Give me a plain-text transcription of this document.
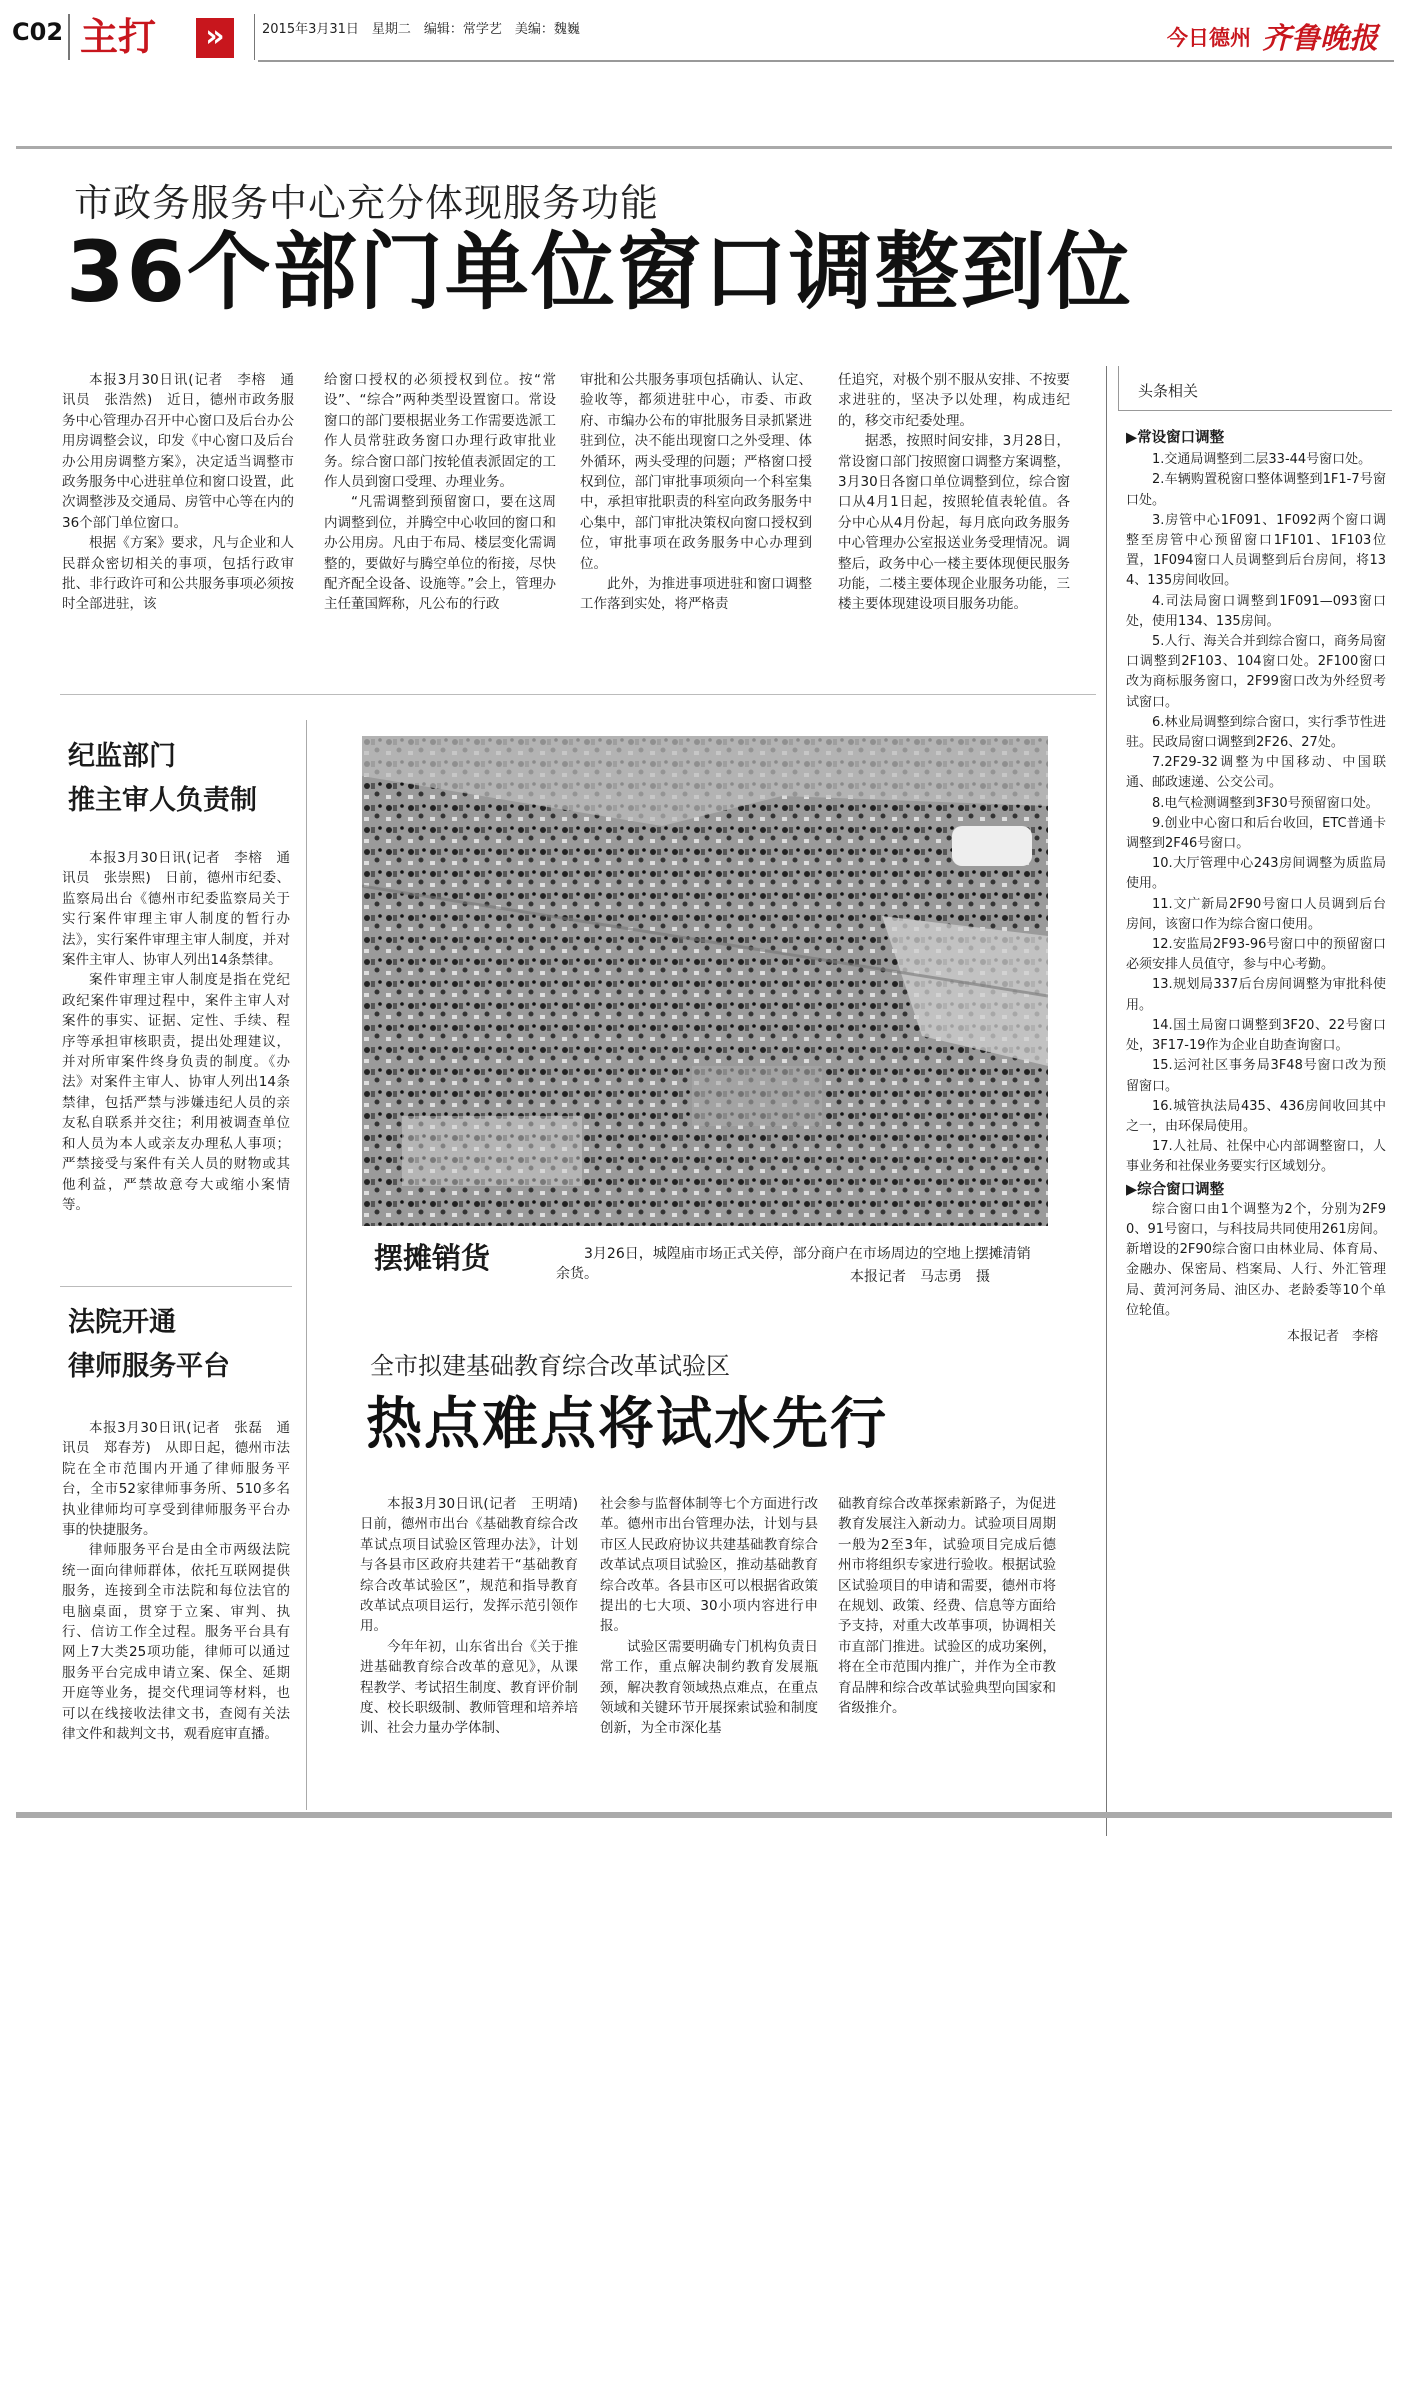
C02 主打	»	2015年3月31日　星期二　编辑：常学艺　美编：魏巍	今日德州 齐鲁晚报
市政务服务中心充分体现服务功能
36个部门单位窗口调整到位

本报3月30日讯(记者　李榕　通讯员　张浩然)　近日，德州市政务服务中心管理办召开中心窗口及后台办公用房调整会议，印发《中心窗口及后台办公用房调整方案》，决定适当调整市政务服务中心进驻单位和窗口设置，此次调整涉及交通局、房管中心等在内的36个部门单位窗口。

根据《方案》要求，凡与企业和人民群众密切相关的事项，包括行政审批、非行政许可和公共服务事项必须按时全部进驻，该

给窗口授权的必须授权到位。按“常设”、“综合”两种类型设置窗口。常设窗口的部门要根据业务工作需要选派工作人员常驻政务窗口办理行政审批业务。综合窗口部门按轮值表派固定的工作人员到窗口受理、办理业务。

“凡需调整到预留窗口，要在这周内调整到位，并腾空中心收回的窗口和办公用房。凡由于布局、楼层变化需调整的，要做好与腾空单位的衔接，尽快配齐配全设备、设施等。”会上，管理办主任董国辉称，凡公布的行政

审批和公共服务事项包括确认、认定、验收等，都须进驻中心，市委、市政府、市编办公布的审批服务目录抓紧进驻到位，决不能出现窗口之外受理、体外循环，两头受理的问题；严格窗口授权到位，部门审批事项须向一个科室集中，承担审批职责的科室向政务服务中心集中，部门审批决策权向窗口授权到位，审批事项在政务服务中心办理到位。

此外，为推进事项进驻和窗口调整工作落到实处，将严格责

任追究，对极个别不服从安排、不按要求进驻的，坚决予以处理，构成违纪的，移交市纪委处理。

据悉，按照时间安排，3月28日，常设窗口部门按照窗口调整方案调整，3月30日各窗口单位调整到位，综合窗口从4月1日起，按照轮值表轮值。各分中心从4月份起，每月底向政务服务中心管理办公室报送业务受理情况。调整后，政务中心一楼主要体现便民服务功能，二楼主要体现企业服务功能，三楼主要体现建设项目服务功能。

头条相关
▶常设窗口调整

1.交通局调整到二层33-44号窗口处。

2.车辆购置税窗口整体调整到1F1-7号窗口处。

3.房管中心1F091、1F092两个窗口调整至房管中心预留窗口1F101、1F103位置，1F094窗口人员调整到后台房间，将134、135房间收回。

4.司法局窗口调整到1F091—093窗口处，使用134、135房间。

5.人行、海关合并到综合窗口，商务局窗口调整到2F103、104窗口处。2F100窗口改为商标服务窗口，2F99窗口改为外经贸考试窗口。

6.林业局调整到综合窗口，实行季节性进驻。民政局窗口调整到2F26、27处。

7.2F29-32调整为中国移动、中国联通、邮政速递、公交公司。

8.电气检测调整到3F30号预留窗口处。

9.创业中心窗口和后台收回，ETC普通卡调整到2F46号窗口。

10.大厅管理中心243房间调整为质监局使用。

11.文广新局2F90号窗口人员调到后台房间，该窗口作为综合窗口使用。

12.安监局2F93-96号窗口中的预留窗口必须安排人员值守，参与中心考勤。

13.规划局337后台房间调整为审批科使用。

14.国土局窗口调整到3F20、22号窗口处，3F17-19作为企业自助查询窗口。

15.运河社区事务局3F48号窗口改为预留窗口。

16.城管执法局435、436房间收回其中之一，由环保局使用。

17.人社局、社保中心内部调整窗口，人事业务和社保业务要实行区域划分。

▶综合窗口调整

综合窗口由1个调整为2个，分别为2F90、91号窗口，与科技局共同使用261房间。新增设的2F90综合窗口由林业局、体育局、金融办、保密局、档案局、人行、外汇管理局、黄河河务局、油区办、老龄委等10个单位轮值。

本报记者　李榕
纪监部门
推主审人负责制

本报3月30日讯(记者　李榕　通讯员　张崇熙)　日前，德州市纪委、监察局出台《德州市纪委监察局关于实行案件审理主审人制度的暂行办法》，实行案件审理主审人制度，并对案件主审人、协审人列出14条禁律。

案件审理主审人制度是指在党纪政纪案件审理过程中，案件主审人对案件的事实、证据、定性、手续、程序等承担审核职责，提出处理建议，并对所审案件终身负责的制度。《办法》对案件主审人、协审人列出14条禁律，包括严禁与涉嫌违纪人员的亲友私自联系并交往；利用被调查单位和人员为本人或亲友办理私人事项；严禁接受与案件有关人员的财物或其他利益，严禁故意夸大或缩小案情等。

法院开通
律师服务平台

本报3月30日讯(记者　张磊　通讯员　郑春芳)　从即日起，德州市法院在全市范围内开通了律师服务平台，全市52家律师事务所、510多名执业律师均可享受到律师服务平台办事的快捷服务。

律师服务平台是由全市两级法院统一面向律师群体，依托互联网提供服务，连接到全市法院和每位法官的电脑桌面，贯穿于立案、审判、执行、信访工作全过程。服务平台具有网上7大类25项功能，律师可以通过服务平台完成申请立案、保全、延期开庭等业务，提交代理词等材料，也可以在线接收法律文书，查阅有关法律文件和裁判文书，观看庭审直播。

摆摊销货	3月26日，城隍庙市场正式关停，部分商户在市场周边的空地上摆摊清销余货。	本报记者　马志勇　摄
全市拟建基础教育综合改革试验区
热点难点将试水先行

本报3月30日讯(记者　王明靖)　日前，德州市出台《基础教育综合改革试点项目试验区管理办法》，计划与各县市区政府共建若干“基础教育综合改革试验区”，规范和指导教育改革试点项目运行，发挥示范引领作用。

今年年初，山东省出台《关于推进基础教育综合改革的意见》，从课程教学、考试招生制度、教育评价制度、校长职级制、教师管理和培养培训、社会力量办学体制、

社会参与监督体制等七个方面进行改革。德州市出台管理办法，计划与县市区人民政府协议共建基础教育综合改革试点项目试验区，推动基础教育综合改革。各县市区可以根据省政策提出的七大项、30小项内容进行申报。

试验区需要明确专门机构负责日常工作，重点解决制约教育发展瓶颈，解决教育领域热点难点，在重点领域和关键环节开展探索试验和制度创新，为全市深化基

础教育综合改革探索新路子，为促进教育发展注入新动力。试验项目周期一般为2至3年，试验项目完成后德州市将组织专家进行验收。根据试验区试验项目的申请和需要，德州市将在规划、政策、经费、信息等方面给予支持，对重大改革事项，协调相关市直部门推进。试验区的成功案例，将在全市范围内推广，并作为全市教育品牌和综合改革试验典型向国家和省级推介。
